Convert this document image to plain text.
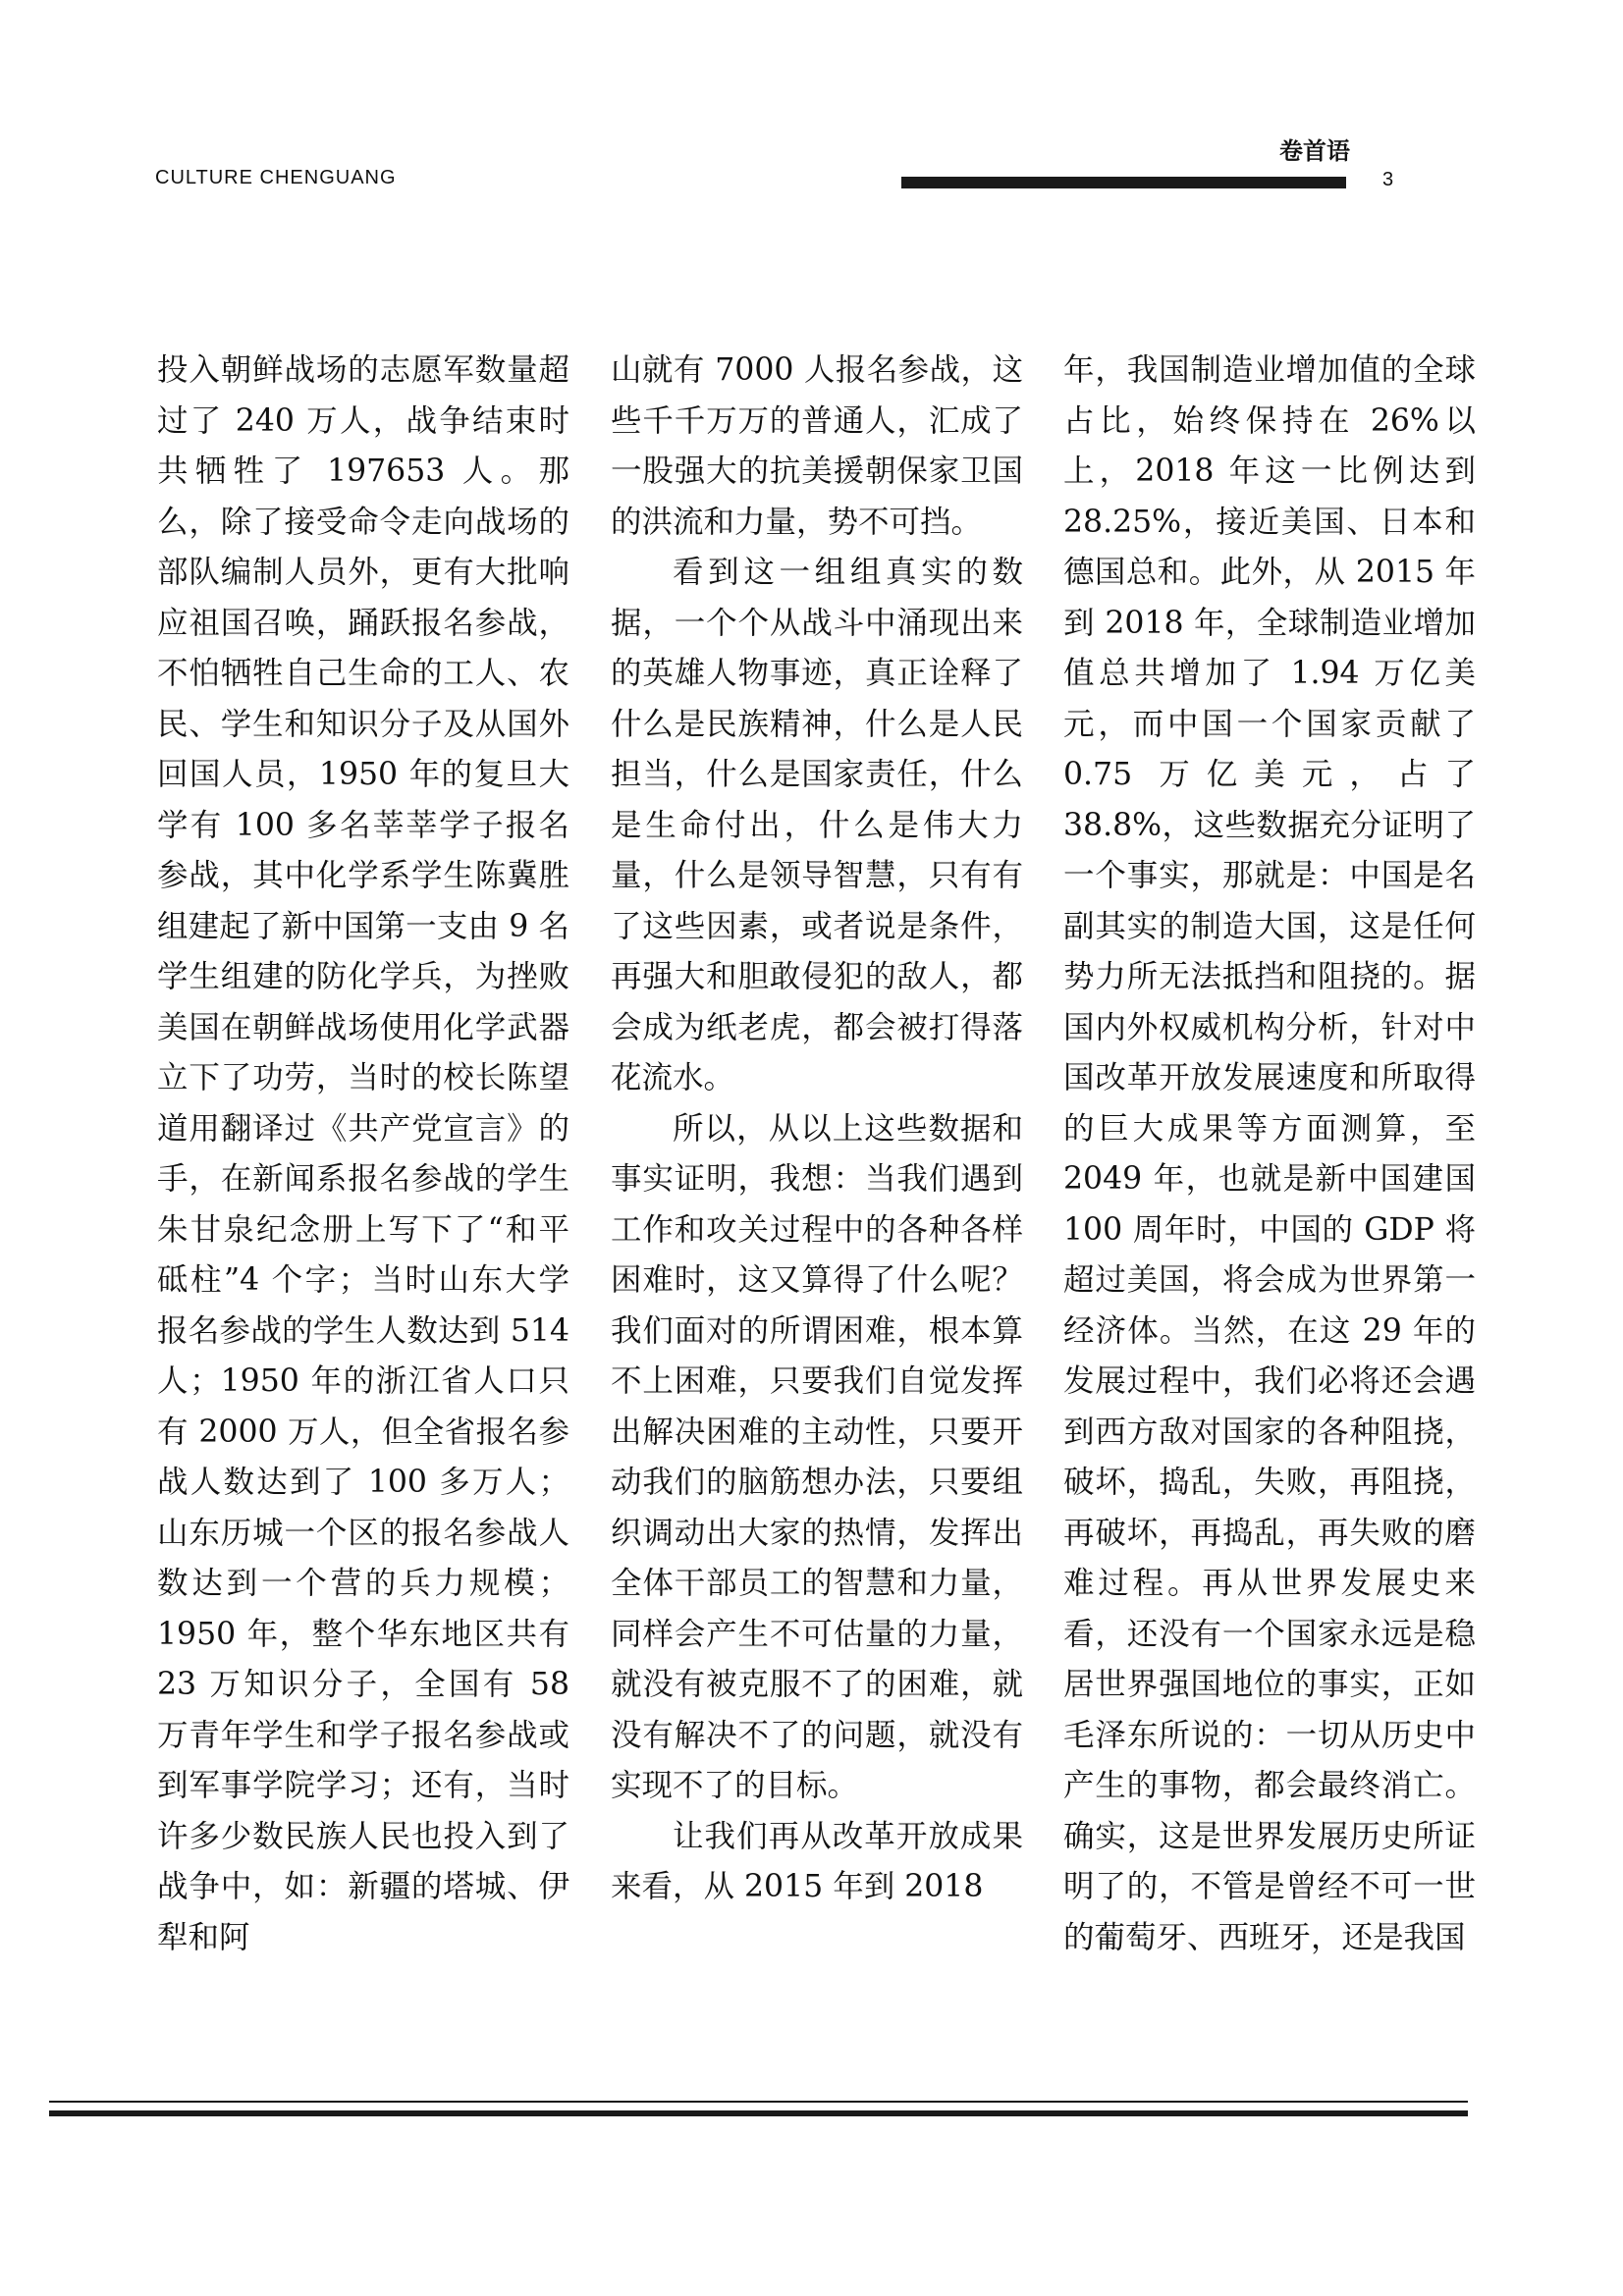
CULTURE CHENGUANG
卷首语
3

投入朝鲜战场的志愿军数量超过了 240 万人，战争结束时共牺牲了 197653 人。那么，除了接受命令走向战场的部队编制人员外，更有大批响应祖国召唤，踊跃报名参战，不怕牺牲自己生命的工人、农民、学生和知识分子及从国外回国人员，1950 年的复旦大学有 100 多名莘莘学子报名参战，其中化学系学生陈冀胜组建起了新中国第一支由 9 名学生组建的防化学兵，为挫败美国在朝鲜战场使用化学武器立下了功劳，当时的校长陈望道用翻译过《共产党宣言》的手，在新闻系报名参战的学生朱甘泉纪念册上写下了“和平砥柱”4 个字；当时山东大学报名参战的学生人数达到 514 人；1950 年的浙江省人口只有 2000 万人，但全省报名参战人数达到了 100 多万人；山东历城一个区的报名参战人数达到一个营的兵力规模；1950 年，整个华东地区共有 23 万知识分子，全国有 58 万青年学生和学子报名参战或到军事学院学习；还有，当时许多少数民族人民也投入到了战争中，如：新疆的塔城、伊犁和阿

山就有 7000 人报名参战，这些千千万万的普通人，汇成了一股强大的抗美援朝保家卫国的洪流和力量，势不可挡。

看到这一组组真实的数据，一个个从战斗中涌现出来的英雄人物事迹，真正诠释了什么是民族精神，什么是人民担当，什么是国家责任，什么是生命付出，什么是伟大力量，什么是领导智慧，只有有了这些因素，或者说是条件，再强大和胆敢侵犯的敌人，都会成为纸老虎，都会被打得落花流水。

所以，从以上这些数据和事实证明，我想：当我们遇到工作和攻关过程中的各种各样困难时，这又算得了什么呢？我们面对的所谓困难，根本算不上困难，只要我们自觉发挥出解决困难的主动性，只要开动我们的脑筋想办法，只要组织调动出大家的热情，发挥出全体干部员工的智慧和力量，同样会产生不可估量的力量，就没有被克服不了的困难，就没有解决不了的问题，就没有实现不了的目标。

让我们再从改革开放成果来看，从 2015 年到 2018

年，我国制造业增加值的全球占比，始终保持在 26%以上，2018 年这一比例达到 28.25%，接近美国、日本和德国总和。此外，从 2015 年到 2018 年，全球制造业增加值总共增加了 1.94 万亿美元，而中国一个国家贡献了 0.75 万亿美元，占了 38.8%，这些数据充分证明了一个事实，那就是：中国是名副其实的制造大国，这是任何势力所无法抵挡和阻挠的。据国内外权威机构分析，针对中国改革开放发展速度和所取得的巨大成果等方面测算，至 2049 年，也就是新中国建国 100 周年时，中国的 GDP 将超过美国，将会成为世界第一经济体。当然，在这 29 年的发展过程中，我们必将还会遇到西方敌对国家的各种阻挠，破坏，捣乱，失败，再阻挠，再破坏，再捣乱，再失败的磨难过程。再从世界发展史来看，还没有一个国家永远是稳居世界强国地位的事实，正如毛泽东所说的：一切从历史中产生的事物，都会最终消亡。确实，这是世界发展历史所证明了的，不管是曾经不可一世的葡萄牙、西班牙，还是我国
